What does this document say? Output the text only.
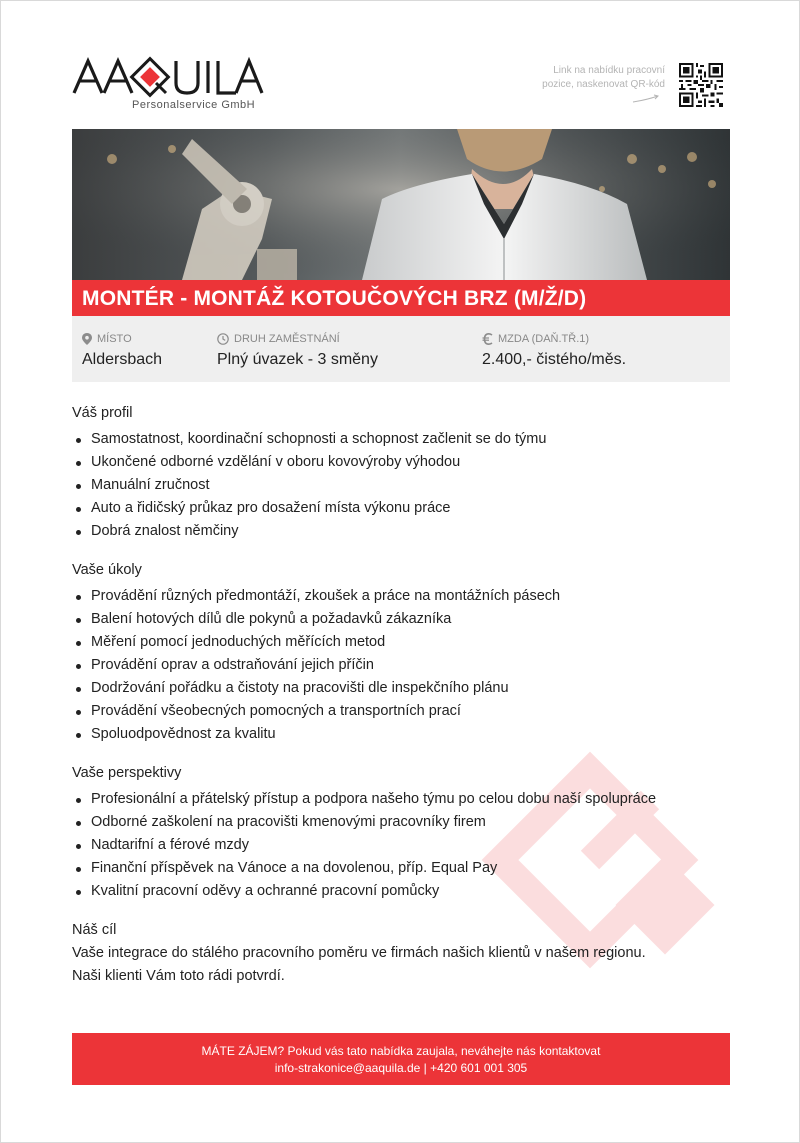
Personalservice GmbH
Link na nabídku pracovní pozice, naskenovat QR-kód
MONTÉR - MONTÁŽ KOTOUČOVÝCH BRZ (M/Ž/D)
MÍSTO
Aldersbach
DRUH ZAMĚSTNÁNÍ
Plný úvazek - 3 směny
MZDA (DAŇ.TŘ.1)
2.400,- čistého/měs.
Váš profil
Samostatnost, koordinační schopnosti a schopnost začlenit se do týmu
Ukončené odborné vzdělání v oboru kovovýroby výhodou
Manuální zručnost
Auto a řidičský průkaz pro dosažení místa výkonu práce
Dobrá znalost němčiny
Vaše úkoly
Provádění různých předmontáží, zkoušek a práce na montážních pásech
Balení hotových dílů dle pokynů a požadavků zákazníka
Měření pomocí jednoduchých měřících metod
Provádění oprav a odstraňování jejich příčin
Dodržování pořádku a čistoty na pracovišti dle inspekčního plánu
Provádění všeobecných pomocných a transportních prací
Spoluodpovědnost za kvalitu
Vaše perspektivy
Profesionální a přátelský přístup a podpora našeho týmu po celou dobu naší spolupráce
Odborné zaškolení na pracovišti kmenovými pracovníky firem
Nadtarifní a férové mzdy
Finanční příspěvek na Vánoce a na dovolenou, příp. Equal Pay
Kvalitní pracovní oděvy a ochranné pracovní pomůcky
Náš cíl
Vaše integrace do stálého pracovního poměru ve firmách našich klientů v našem regionu.
Naši klienti Vám toto rádi potvrdí.
MÁTE ZÁJEM? Pokud vás tato nabídka zaujala, neváhejte nás kontaktovat
info-strakonice@aaquila.de | +420 601 001 305
